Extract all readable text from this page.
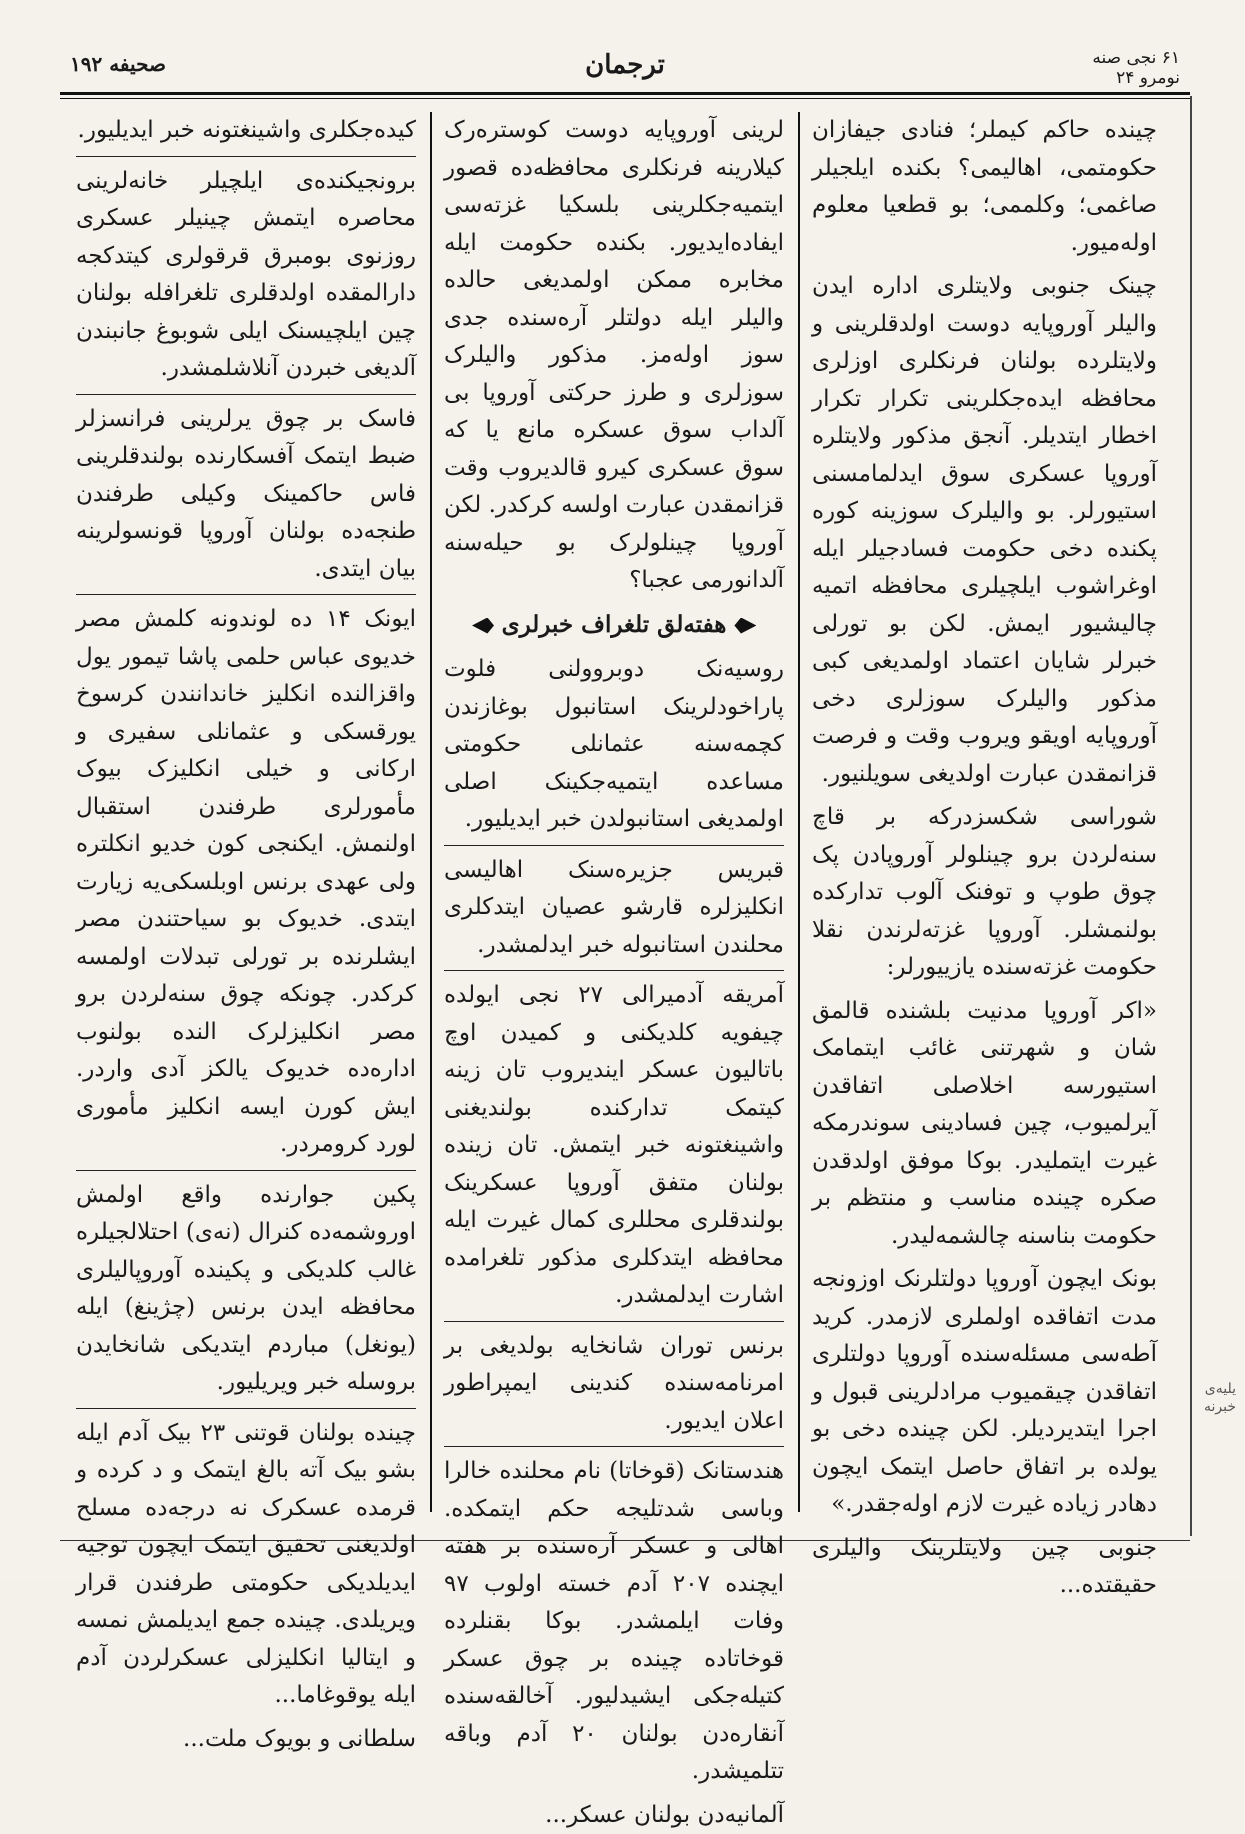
۶۱ نجی صنه
نومرو ۲۴
ترجمان
صحیفه ۱۹۲

چینده حاکم کیملر؛ فنادی جیفازان حکومتمی، اهالیمی؟ بکنده ایلجیلر صاغمی؛ وکلممی؛ بو قطعیا معلوم اوله‌میور.

چینک جنوبی ولایتلری اداره ایدن والیلر آوروپایه دوست اولدقلرینی و ولایتلرده بولنان فرنکلری اوزلری محافظه ایده‌جکلرینی تکرار تکرار اخطار ایتدیلر. آنجق مذکور ولایتلره آوروپا عسکری سوق ایدلمامسنی استیورلر. بو والیلرک سوزینه کوره پکنده دخی حکومت فسادجیلر ایله اوغراشوب ایلچیلری محافظه اتمیه چالیشیور ایمش. لکن بو تورلی خبرلر شایان اعتماد اولمدیغی کبی مذکور والیلرک سوزلری دخی آوروپایه اویقو ویروب وقت و فرصت قزانمقدن عبارت اولدیغی سویلنیور.

شوراسی شکسزدرکه بر قاچ سنه‌لردن برو چینلولر آوروپادن پک چوق طوپ و توفنک آلوب تدارکده بولنمشلر. آوروپا غزته‌لرندن نقلا حکومت غزته‌سنده یازییورلر:

«اکر آوروپا مدنیت بلشنده قالمق شان و شهرتنی غائب ایتمامک استیورسه اخلاصلی اتفاقدن آیرلمیوب، چین فساد‌ینی سوندرمکه غیرت ایتملیدر. بوکا موفق اولدقدن صکره چینده مناسب و منتظم بر حکومت بناسنه چالشمه‌لیدر.

بونک ایچون آوروپا دولتلرنک اوزونجه مدت اتفاقده اولملری لازمدر. کرید آطه‌سی مسئله‌سنده آوروپا دولتلری اتفاقدن چیقمیوب مرادلرینی قبول و اجرا ایتدیردیلر. لکن چینده دخی بو یولده بر اتفاق حاصل ایتمک ایچون دهادر زیاده غیرت لازم اوله‌جقدر.»

جنوبی چین ولایتلرینک والیلری حقیقتده...

لرینی آوروپایه دوست کوستره‌رک کیلارینه فرنکلری محافظه‌ده قصور ایتمیه‌جکلرینی بلسکیا غزته‌سی ایفاده‌ایدیور. بکنده حکومت ایله مخابره ممکن اولمدیغی حالده والیلر ایله دولتلر آره‌سنده جدی سوز اوله‌مز. مذکور والیلرک سوزلری و طرز حرکتی آوروپا بی آلداب سوق عسکره مانع یا که سوق عسکری کیرو قالدیروب وقت قزانمقدن عبارت اولسه کرکدر. لکن آوروپا چینلولرک بو حیله‌سنه آلدانورمی عجبا؟

هفته‌لق تلغراف خبرلری

روسیه‌نک دوبروولنی فلوت پاراخودلرینک استانبول بوغازندن کچمه‌سنه عثمانلی حکومتی مساعده ایتمیه‌جکینک اصلی اولمدیغی استانبولدن خبر ایدیلیور.

قبریس جزیره‌سنک اهالیسی انکلیزلره قارشو عصیان ایتدکلری محلندن استانبوله خبر ایدلمشدر.

آمریقه آدمیرالی ۲۷ نجی ایولده چیفویه کلدیکنی و کمیدن اوچ باتالیون عسکر ایندیروب تان زینه کیتمک تدارکنده بولندیغنی واشینغتونه خبر ایتمش. تان زینده بولنان متفق آوروپا عسکرینک بولندقلری محللری کمال غیرت ایله محافظه ایتدکلری مذکور تلغرامده اشارت ایدلمشدر.

برنس توران شانخایه بولدیغی بر امرنامه‌سنده کندینی ایمپراطور اعلان ایدیور.

هندستانک (قوخاتا) نام محلنده خالرا وباسی شدتلیجه حکم ایتمکده. اهالی و عسکر آره‌سنده بر هفته ایچنده ۲۰۷ آدم خسته اولوب ۹۷ وفات ایلمشدر. بوکا بقنلرده قوخاتاده چینده بر چوق عسکر کتیله‌جکی ایشیدلیور. آخالقه‌سنده آنقاره‌دن بولنان ۲۰ آدم وباقه تتلمیشدر.

آلمانیه‌دن بولنان عسکر...

کیده‌جکلری واشینغتونه خبر ایدیلیور.

برونجیکنده‌ی ایلچیلر خانه‌لرینی محاصره ایتمش چینیلر عسکری روزنوی بومبرق قرقولری کیتدکجه دارالمقده اولدقلری تلغرافله بولنان چین ایلچیسنک ایلی شوبوغ جانبندن آلدیغی خبردن آنلاشلمشدر.

فاسک بر چوق یرلرینی فرانسزلر ضبط ایتمک آفسکارنده بولندقلرینی فاس حاکمینک وکیلی طرفندن طنجه‌ده بولنان آوروپا قونسولرینه بیان ایتدی.

ایونک ۱۴ ده لوندونه کلمش مصر خدیوی عباس حلمی پاشا تیمور یول واقزالنده انکلیز خاندانندن کرسوخ یورقسکی و عثمانلی سفیری و ارکانی و خیلی انکلیزک بیوک مأمورلری طرفندن استقبال اولنمش. ایکنجی کون خدیو انکلتره ولی عهدی برنس اوبلسکی‌یه زیارت ایتدی. خدیوک بو سیاحتندن مصر ایشلرنده بر تورلی تبدلات اولمسه کرکدر. چونکه چوق سنه‌لردن برو مصر انکلیزلرک النده بولنوب اداره‌ده خدیوک یالکز آدی واردر. ایش کورن ایسه انکلیز مأموری لورد کرومردر.

پکین جوارنده واقع اولمش اوروشمه‌ده کنرال (نه‌ی) احتلالجیلره غالب کلدیکی و پکینده آوروپالیلری محافظه ایدن برنس (چژینغ) ایله (یونغل) مباردم ایتدیکی شانخایدن بروسله خبر ویریلیور.

چینده بولنان قوتنی ۲۳ بیک آدم ایله بشو بیک آته بالغ ایتمک و د کرده و قرمده عسکرک نه درجه‌ده مسلح اولدیغنی تحقیق ایتمک ایچون توجیه ایدیلدیکی حکومتی طرفندن قرار ویریلدی. چینده جمع ایدیلمش نمسه و ایتالیا انکلیزلی عسکرلردن آدم ایله یوقوغاما...

سلطانی و بویوک ملت...

یلیه‌ی خبرنه
